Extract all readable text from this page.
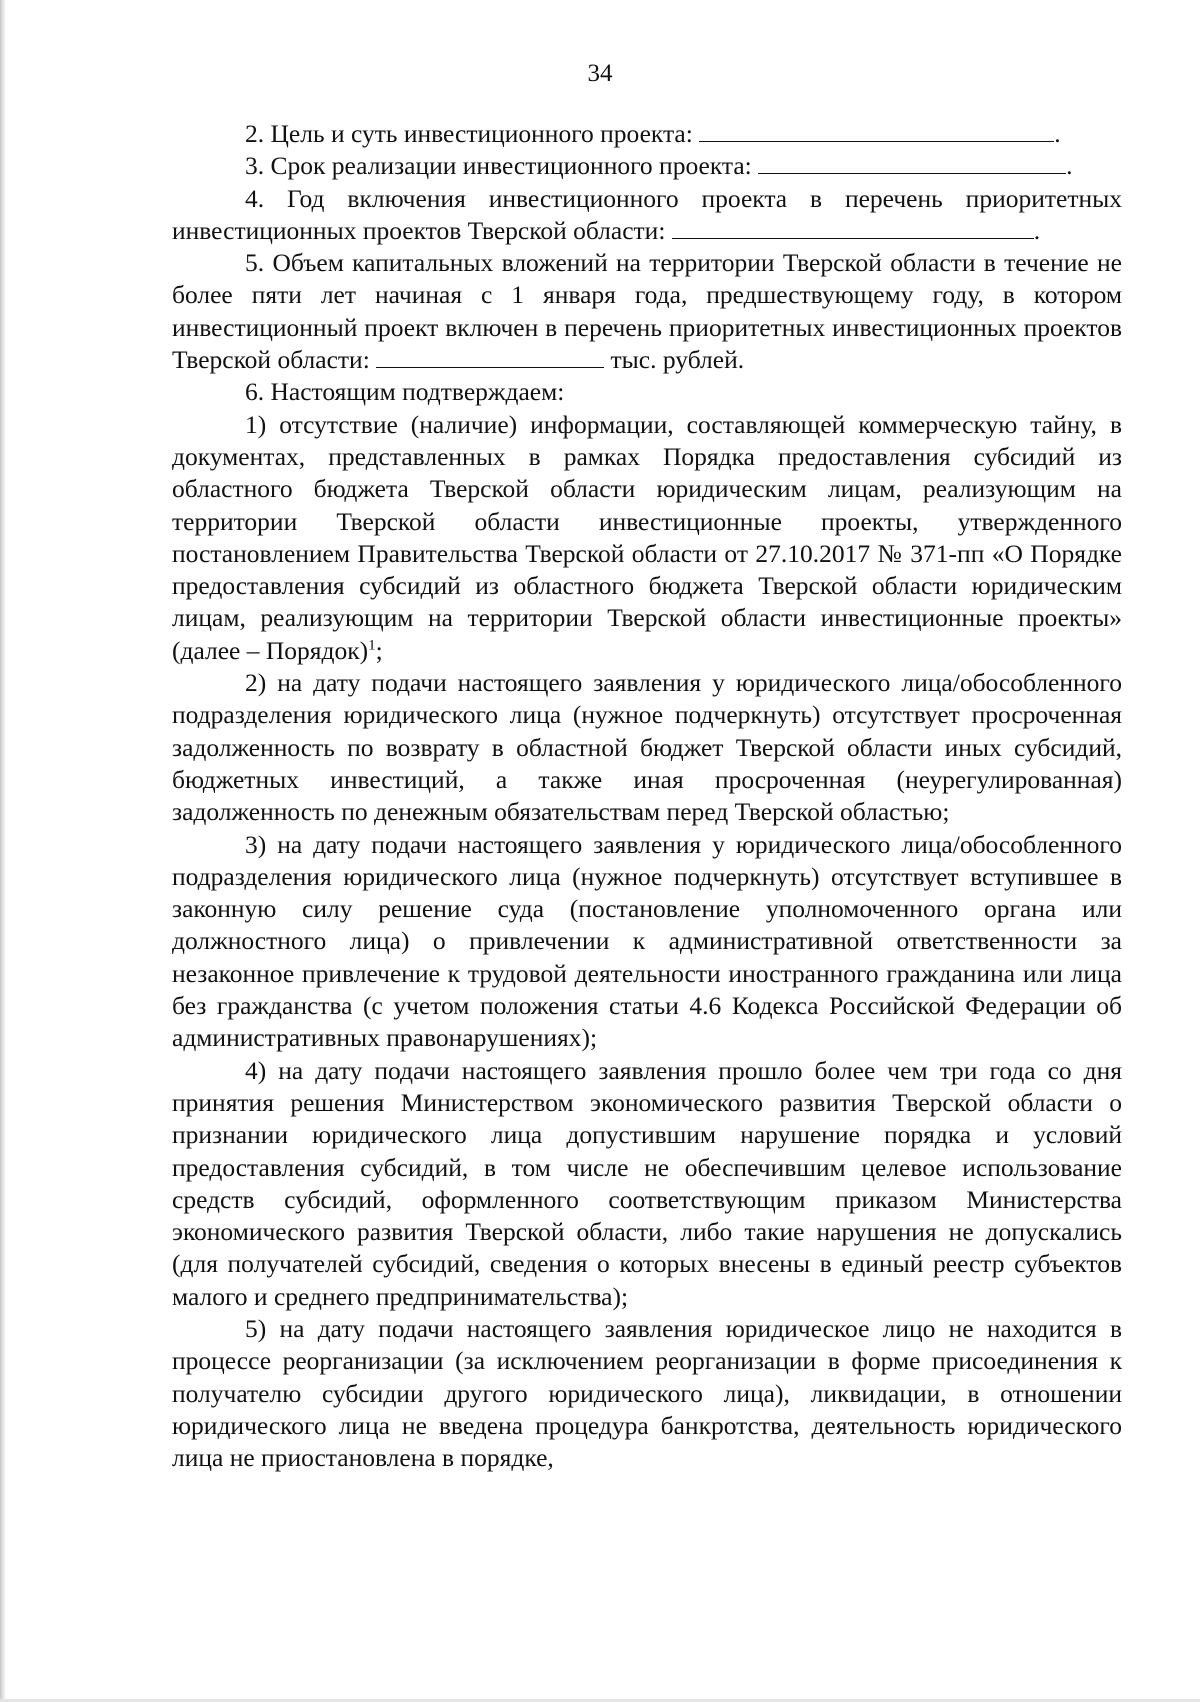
34

2. Цель и суть инвестиционного проекта:	.

3. Срок реализации инвестиционного проекта:	.

4. Год включения инвестиционного проекта в перечень приоритетных инвестиционных проектов Тверской области:	.

5. Объем капитальных вложений на территории Тверской области в течение не более пяти лет начиная с 1 января года, предшествующему году, в котором инвестиционный проект включен в перечень приоритетных инвестиционных проектов Тверской области:	тыс. рублей.

6. Настоящим подтверждаем:

1) отсутствие (наличие) информации, составляющей коммерческую тайну, в документах, представленных в рамках Порядка предоставления субсидий из областного бюджета Тверской области юридическим лицам, реализующим на территории Тверской области инвестиционные проекты, утвержденного постановлением Правительства Тверской области от 27.10.2017 № 371-пп «О Порядке предоставления субсидий из областного бюджета Тверской области юридическим лицам, реализующим на территории Тверской области инвестиционные проекты» (далее – Порядок)$^1$;

2) на дату подачи настоящего заявления у юридического лица/обособленного подразделения юридического лица (нужное подчеркнуть) отсутствует просроченная задолженность по возврату в областной бюджет Тверской области иных субсидий, бюджетных инвестиций, а также иная просроченная (неурегулированная) задолженность по денежным обязательствам перед Тверской областью;

3) на дату подачи настоящего заявления у юридического лица/обособленного подразделения юридического лица (нужное подчеркнуть) отсутствует вступившее в законную силу решение суда (постановление уполномоченного органа или должностного лица) о привлечении к административной ответственности за незаконное привлечение к трудовой деятельности иностранного гражданина или лица без гражданства (с учетом положения статьи 4.6 Кодекса Российской Федерации об административных правонарушениях);

4) на дату подачи настоящего заявления прошло более чем три года со дня принятия решения Министерством экономического развития Тверской области о признании юридического лица допустившим нарушение порядка и условий предоставления субсидий, в том числе не обеспечившим целевое использование средств субсидий, оформленного соответствующим приказом Министерства экономического развития Тверской области, либо такие нарушения не допускались (для получателей субсидий, сведения о которых внесены в единый реестр субъектов малого и среднего предпринимательства);

5) на дату подачи настоящего заявления юридическое лицо не находится в процессе реорганизации (за исключением реорганизации в форме присоединения к получателю субсидии другого юридического лица), ликвидации, в отношении юридического лица не введена процедура банкротства, деятельность юридического лица не приостановлена в порядке,
